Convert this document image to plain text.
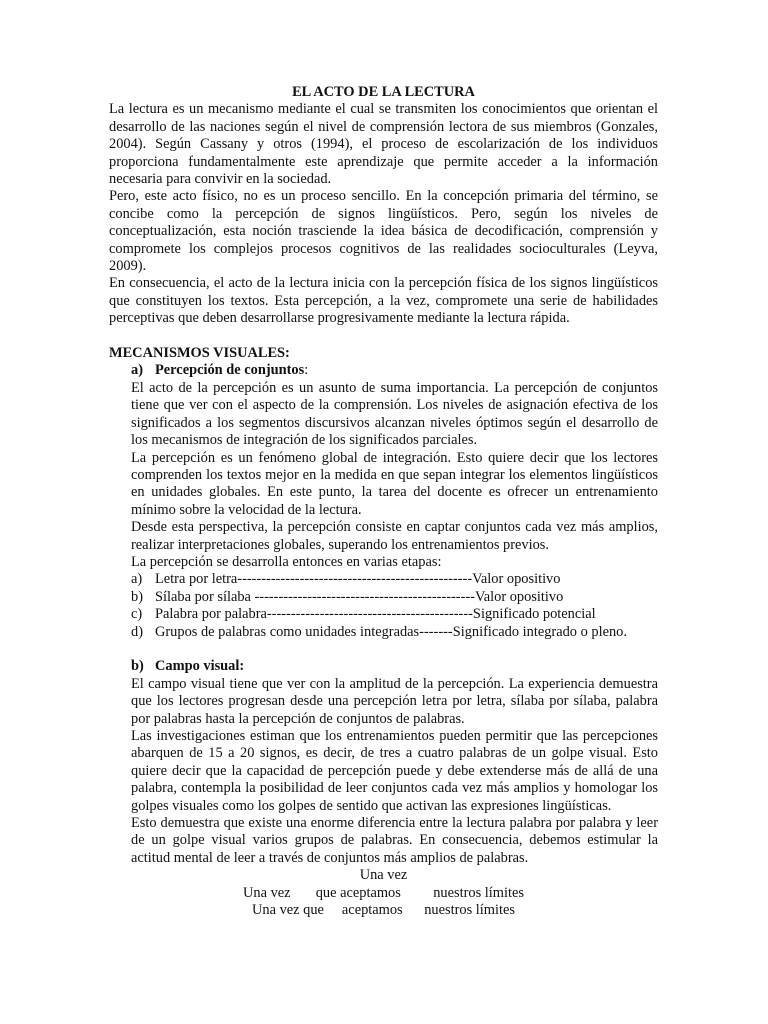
EL ACTO DE LA LECTURA

La lectura es un mecanismo mediante el cual se transmiten los conocimientos que orientan el desarrollo de las naciones según el nivel de comprensión lectora de sus miembros (Gonzales, 2004). Según Cassany y otros (1994), el proceso de escolarización de los individuos proporciona fundamentalmente este aprendizaje que permite acceder a la información necesaria para convivir en la sociedad.

Pero, este acto físico, no es un proceso sencillo. En la concepción primaria del término, se concibe como la percepción de signos lingüísticos. Pero, según los niveles de conceptualización, esta noción trasciende la idea básica de decodificación, comprensión y compromete los complejos procesos cognitivos de las realidades socioculturales (Leyva, 2009).

En consecuencia, el acto de la lectura inicia con la percepción física de los signos lingüísticos que constituyen los textos. Esta percepción, a la vez, compromete una serie de habilidades perceptivas que deben desarrollarse progresivamente mediante la lectura rápida.

MECANISMOS VISUALES:
a) Percepción de conjuntos:

El acto de la percepción es un asunto de suma importancia. La percepción de conjuntos tiene que ver con el aspecto de la comprensión. Los niveles de asignación efectiva de los significados a los segmentos discursivos alcanzan niveles óptimos según el desarrollo de los mecanismos de integración de los significados parciales.

La percepción es un fenómeno global de integración. Esto quiere decir que los lectores comprenden los textos mejor en la medida en que sepan integrar los elementos lingüísticos en unidades globales. En este punto, la tarea del docente es ofrecer un entrenamiento mínimo sobre la velocidad de la lectura.

Desde esta perspectiva, la percepción consiste en captar conjuntos cada vez más amplios, realizar interpretaciones globales, superando los entrenamientos previos.

La percepción se desarrolla entonces en varias etapas:

a) Letra por letra-------------------------------------------------Valor opositivo
b) Sílaba por sílaba ----------------------------------------------Valor opositivo
c) Palabra por palabra-------------------------------------------Significado potencial
d) Grupos de palabras como unidades integradas-------Significado integrado o pleno.
b) Campo visual:

El campo visual tiene que ver con la amplitud de la percepción. La experiencia demuestra que los lectores progresan desde una percepción letra por letra, sílaba por sílaba, palabra por palabras hasta la percepción de conjuntos de palabras.

Las investigaciones estiman que los entrenamientos pueden permitir que las percepciones abarquen de 15 a 20 signos, es decir, de tres a cuatro palabras de un golpe visual. Esto quiere decir que la capacidad de percepción puede y debe extenderse más de allá de una palabra, contempla la posibilidad de leer conjuntos cada vez más amplios y homologar los golpes visuales como los golpes de sentido que activan las expresiones lingüísticas.

Esto demuestra que existe una enorme diferencia entre la lectura palabra por palabra y leer de un golpe visual varios grupos de palabras. En consecuencia, debemos estimular la actitud mental de leer a través de conjuntos más amplios de palabras.

Una vez
Una vez       que aceptamos         nuestros límites
Una vez que     aceptamos      nuestros límites
